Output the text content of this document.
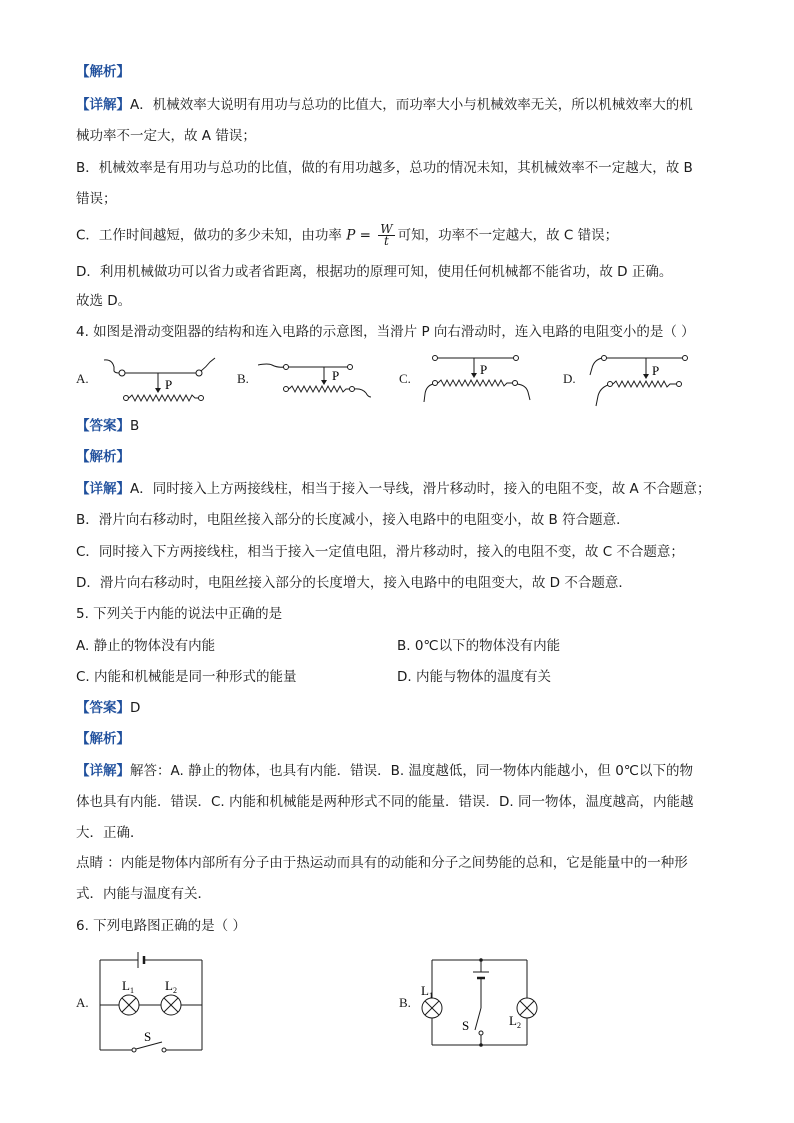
【解析】
【详解】A．机械效率大说明有用功与总功的比值大，而功率大小与机械效率无关，所以机械效率大的机
械功率不一定大，故 A 错误；
B．机械效率是有用功与总功的比值，做的有用功越多，总功的情况未知，其机械效率不一定越大，故 B
错误；
C．工作时间越短，做功的多少未知，由功率 $P = \frac{W}{t}$ 可知，功率不一定越大，故 C 错误；
D．利用机械做功可以省力或者省距离，根据功的原理可知，使用任何机械都不能省功，故 D 正确。
故选 D。
4. 如图是滑动变阻器的结构和连入电路的示意图，当滑片 P 向右滑动时，连入电路的电阻变小的是（ ）
A.	P	B.	P	C.
P
D.
P
【答案】B
【解析】
【详解】A．同时接入上方两接线柱，相当于接入一导线，滑片移动时，接入的电阻不变，故 A 不合题意；
B．滑片向右移动时，电阻丝接入部分的长度减小，接入电路中的电阻变小，故 B 符合题意．
C．同时接入下方两接线柱，相当于接入一定值电阻，滑片移动时，接入的电阻不变，故 C 不合题意；
D．滑片向右移动时，电阻丝接入部分的长度增大，接入电路中的电阻变大，故 D 不合题意．
5. 下列关于内能的说法中正确的是
A. 静止的物体没有内能	B. 0℃以下的物体没有内能
C. 内能和机械能是同一种形式的能量	D. 内能与物体的温度有关
【答案】D
【解析】
【详解】解答：A. 静止的物体，也具有内能．错误．B. 温度越低，同一物体内能越小，但 0℃以下的物
体也具有内能．错误．C. 内能和机械能是两种形式不同的能量．错误．D. 同一物体，温度越高，内能越
大．正确．
点睛 ：内能是物体内部所有分子由于热运动而具有的动能和分子之间势能的总和，它是能量中的一种形
式．内能与温度有关．
6. 下列电路图正确的是（ ）
A.
$L_1$ $L_2$
S
B.
$L_1$
$L_2$
S
